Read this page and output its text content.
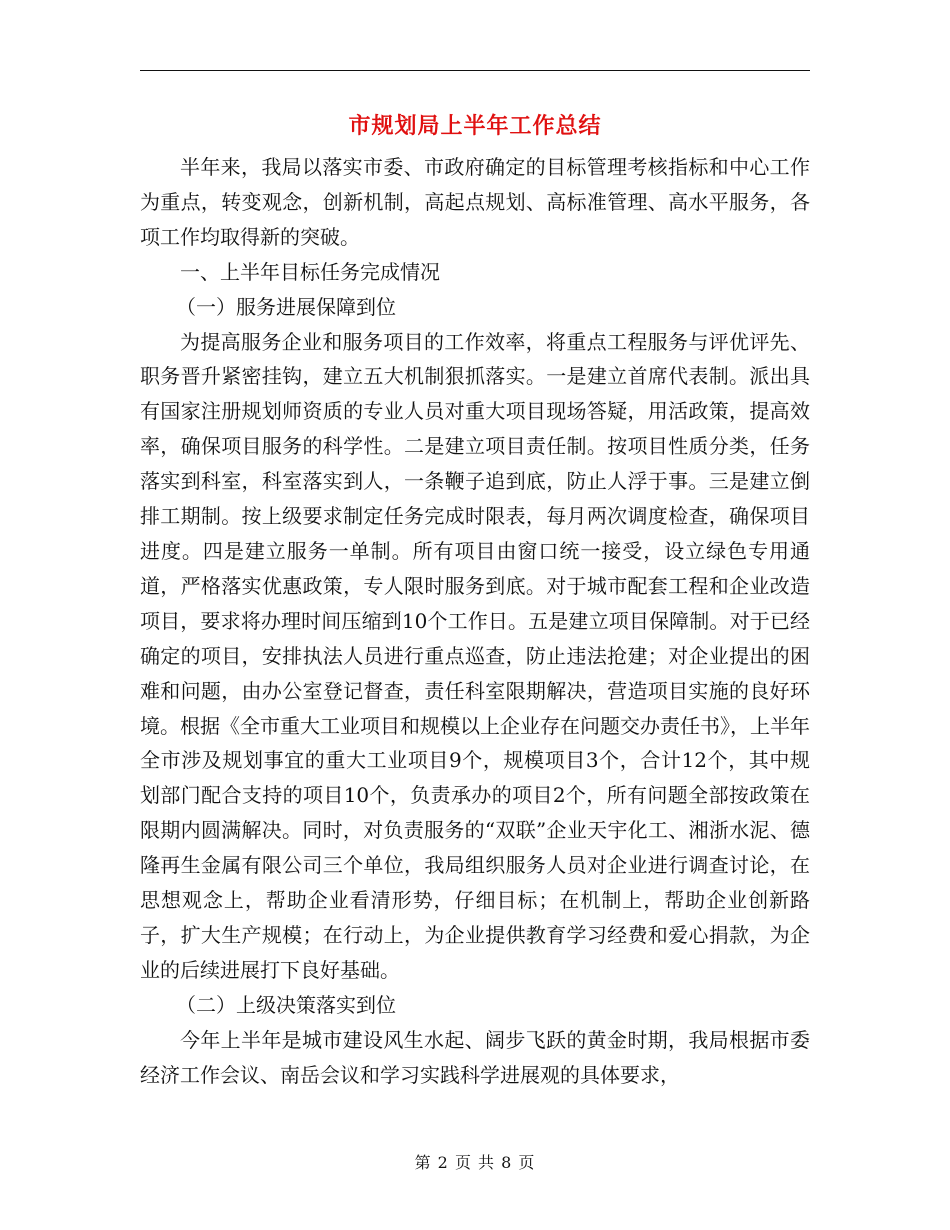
市规划局上半年工作总结

半年来，我局以落实市委、市政府确定的目标管理考核指标和中心工作为重点，转变观念，创新机制，高起点规划、高标准管理、高水平服务，各项工作均取得新的突破。

一、上半年目标任务完成情况

（一）服务进展保障到位

为提高服务企业和服务项目的工作效率，将重点工程服务与评优评先、职务晋升紧密挂钩，建立五大机制狠抓落实。一是建立首席代表制。派出具有国家注册规划师资质的专业人员对重大项目现场答疑，用活政策，提高效率，确保项目服务的科学性。二是建立项目责任制。按项目性质分类，任务落实到科室，科室落实到人，一条鞭子追到底，防止人浮于事。三是建立倒排工期制。按上级要求制定任务完成时限表，每月两次调度检查，确保项目进度。四是建立服务一单制。所有项目由窗口统一接受，设立绿色专用通道，严格落实优惠政策，专人限时服务到底。对于城市配套工程和企业改造项目，要求将办理时间压缩到10个工作日。五是建立项目保障制。对于已经确定的项目，安排执法人员进行重点巡查，防止违法抢建；对企业提出的困难和问题，由办公室登记督查，责任科室限期解决，营造项目实施的良好环境。根据《全市重大工业项目和规模以上企业存在问题交办责任书》，上半年全市涉及规划事宜的重大工业项目9个，规模项目3个，合计12个，其中规划部门配合支持的项目10个，负责承办的项目2个，所有问题全部按政策在限期内圆满解决。同时，对负责服务的“双联”企业天宇化工、湘浙水泥、德隆再生金属有限公司三个单位，我局组织服务人员对企业进行调查讨论，在思想观念上，帮助企业看清形势，仔细目标；在机制上，帮助企业创新路子，扩大生产规模；在行动上，为企业提供教育学习经费和爱心捐款，为企业的后续进展打下良好基础。

（二）上级决策落实到位

今年上半年是城市建设风生水起、阔步飞跃的黄金时期，我局根据市委经济工作会议、南岳会议和学习实践科学进展观的具体要求，

第 2 页 共 8 页
